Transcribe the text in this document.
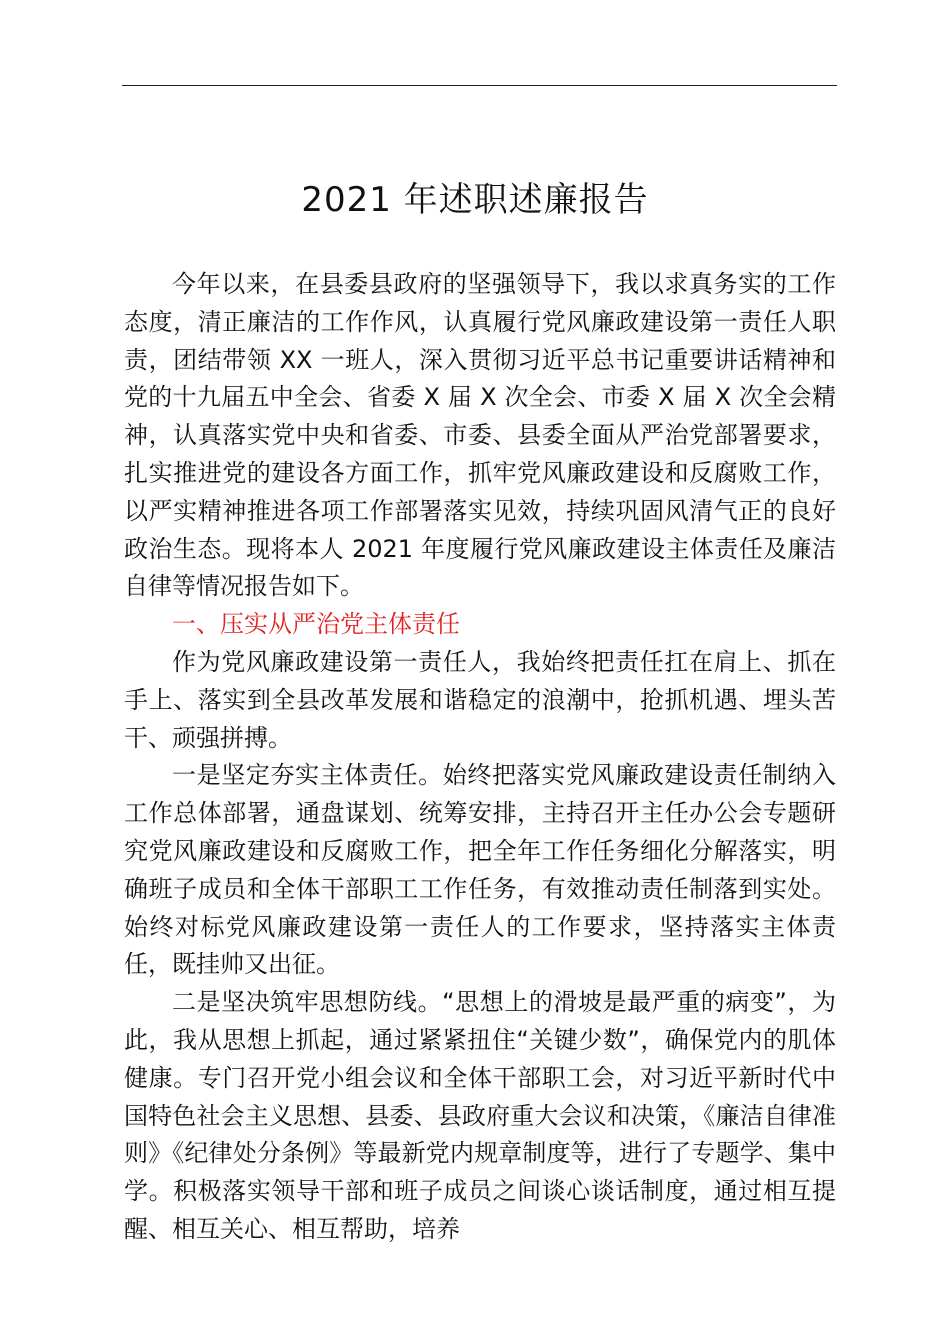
2021 年述职述廉报告

今年以来，在县委县政府的坚强领导下，我以求真务实的工作态度，清正廉洁的工作作风，认真履行党风廉政建设第一责任人职责，团结带领 XX 一班人，深入贯彻习近平总书记重要讲话精神和党的十九届五中全会、省委 X 届 X 次全会、市委 X 届 X 次全会精神，认真落实党中央和省委、市委、县委全面从严治党部署要求，扎实推进党的建设各方面工作，抓牢党风廉政建设和反腐败工作，以严实精神推进各项工作部署落实见效，持续巩固风清气正的良好政治生态。现将本人 2021 年度履行党风廉政建设主体责任及廉洁自律等情况报告如下。

一、压实从严治党主体责任

作为党风廉政建设第一责任人，我始终把责任扛在肩上、抓在手上、落实到全县改革发展和谐稳定的浪潮中，抢抓机遇、埋头苦干、顽强拼搏。

一是坚定夯实主体责任。始终把落实党风廉政建设责任制纳入工作总体部署，通盘谋划、统筹安排，主持召开主任办公会专题研究党风廉政建设和反腐败工作，把全年工作任务细化分解落实，明确班子成员和全体干部职工工作任务，有效推动责任制落到实处。始终对标党风廉政建设第一责任人的工作要求，坚持落实主体责任，既挂帅又出征。

二是坚决筑牢思想防线。“思想上的滑坡是最严重的病变”，为此，我从思想上抓起，通过紧紧扭住“关键少数”，确保党内的肌体健康。专门召开党小组会议和全体干部职工会，对习近平新时代中国特色社会主义思想、县委、县政府重大会议和决策，《廉洁自律准则》《纪律处分条例》等最新党内规章制度等，进行了专题学、集中学。积极落实领导干部和班子成员之间谈心谈话制度，通过相互提醒、相互关心、相互帮助，培养
